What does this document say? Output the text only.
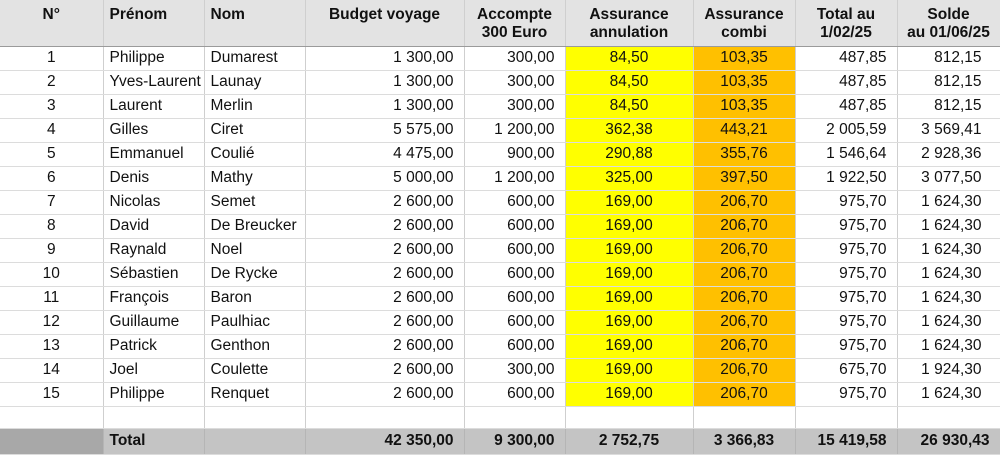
N°	Prénom	Nom	Budget voyage	Accompte	Assurance	Assurance	Total au	Solde
				300 Euro	annulation	combi	1/02/25	au 01/06/25
1	Philippe	Dumarest	1 300,00	300,00	84,50	103,35	487,85	812,15
2	Yves-Laurent	Launay	1 300,00	300,00	84,50	103,35	487,85	812,15
3	Laurent	Merlin	1 300,00	300,00	84,50	103,35	487,85	812,15
4	Gilles	Ciret	5 575,00	1 200,00	362,38	443,21	2 005,59	3 569,41
5	Emmanuel	Coulié	4 475,00	900,00	290,88	355,76	1 546,64	2 928,36
6	Denis	Mathy	5 000,00	1 200,00	325,00	397,50	1 922,50	3 077,50
7	Nicolas	Semet	2 600,00	600,00	169,00	206,70	975,70	1 624,30
8	David	De Breucker	2 600,00	600,00	169,00	206,70	975,70	1 624,30
9	Raynald	Noel	2 600,00	600,00	169,00	206,70	975,70	1 624,30
10	Sébastien	De Rycke	2 600,00	600,00	169,00	206,70	975,70	1 624,30
11	François	Baron	2 600,00	600,00	169,00	206,70	975,70	1 624,30
12	Guillaume	Paulhiac	2 600,00	600,00	169,00	206,70	975,70	1 624,30
13	Patrick	Genthon	2 600,00	600,00	169,00	206,70	975,70	1 624,30
14	Joel	Coulette	2 600,00	300,00	169,00	206,70	675,70	1 924,30
15	Philippe	Renquet	2 600,00	600,00	169,00	206,70	975,70	1 624,30

	Total		42 350,00	9 300,00	2 752,75	3 366,83	15 419,58	26 930,43
